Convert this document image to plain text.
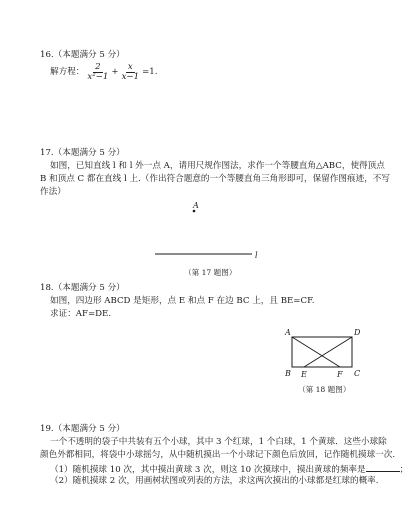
16.（本题满分 5 分）
解方程： $\frac{2}{\text{x²−1}} + \frac{x}{x-1} =1$.
17.（本题满分 5 分）
如图，已知直线 l 和 l 外一点 A，请用尺规作图法，求作一个等腰直角△ABC，使得顶点
B 和顶点 C 都在直线 l 上.（作出符合题意的一个等腰直角三角形即可，保留作图痕迹，不写
作法）
A
l
A	D
B E	F C
（第 17 题图）
18.（本题满分 5 分）
如图，四边形 ABCD 是矩形，点 E 和点 F 在边 BC 上，且 BE=CF.
求证：AF=DE.
（第 18 题图）
19.（本题满分 5 分）
一个不透明的袋子中共装有五个小球，其中 3 个红球，1 个白球，1 个黄球．这些小球除
颜色外都相同，将袋中小球摇匀，从中随机摸出一个小球记下颜色后放回，记作随机摸球一次.
（1）随机摸球 10 次，其中摸出黄球 3 次，则这 10 次摸球中，摸出黄球的频率是	；
（2）随机摸球 2 次，用画树状图或列表的方法，求这两次摸出的小球都是红球的概率.
